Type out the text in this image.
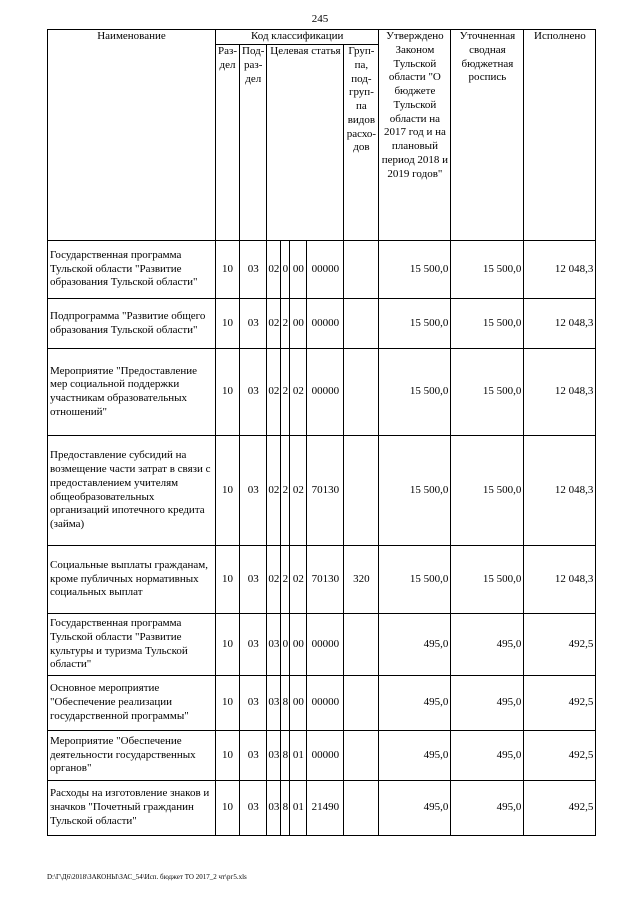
245
Наименование	Код классификации							Утверждено Законом Тульской области "О бюджете Тульской области на 2017 год и на плановый период 2018 и 2019 годов"	Уточненная сводная бюджетная роспись	Исполнено
	Раз-дел	Под-раз-дел	Целевая статья				Груп-па, под-груп-па видов расхо-дов			
Государственная программа Тульской области "Развитие образования Тульской области"	10	03	02	0	00	00000		15 500,0	15 500,0	12 048,3
Подпрограмма "Развитие общего образования Тульской области"	10	03	02	2	00	00000		15 500,0	15 500,0	12 048,3
Мероприятие "Предоставление мер социальной поддержки участникам образовательных отношений"	10	03	02	2	02	00000		15 500,0	15 500,0	12 048,3
Предоставление субсидий на возмещение части затрат в связи с предоставлением учителям общеобразовательных организаций ипотечного кредита (займа)	10	03	02	2	02	70130		15 500,0	15 500,0	12 048,3
Социальные выплаты гражданам, кроме публичных нормативных социальных выплат	10	03	02	2	02	70130	320	15 500,0	15 500,0	12 048,3
Государственная программа Тульской области "Развитие культуры и туризма Тульской области"	10	03	03	0	00	00000		495,0	495,0	492,5
Основное мероприятие "Обеспечение реализации государственной программы"	10	03	03	8	00	00000		495,0	495,0	492,5
Мероприятие "Обеспечение деятельности государственных органов"	10	03	03	8	01	00000		495,0	495,0	492,5
Расходы на изготовление знаков и значков "Почетный гражданин Тульской области"	10	03	03	8	01	21490		495,0	495,0	492,5
D:\Г\Д6\2018\ЗАКОНЫ\ЗАС_54\Исп. бюджет ТО 2017_2 чт\рг5.xls
